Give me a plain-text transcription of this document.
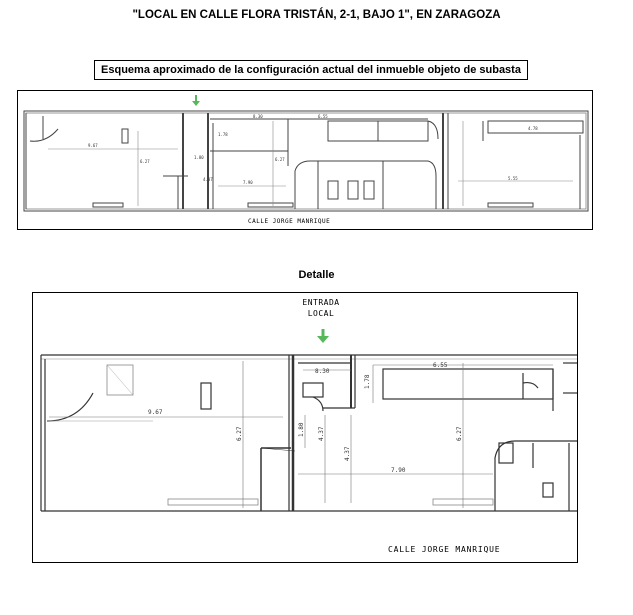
"LOCAL EN CALLE FLORA TRISTÁN, 2-1, BAJO 1", EN ZARAGOZA
Esquema aproximado de la configuración actual del inmueble objeto de subasta
9.67
6.27
4.37
1.80
7.90
8.30	6.55
1.78
6.27
5.55
4.78
CALLE JORGE MANRIQUE
Detalle
9.67
8.30
6.55
1.78
6.27	1.80 4.37
4.37
7.90
6.27
ENTRADA
LOCAL
CALLE JORGE MANRIQUE
